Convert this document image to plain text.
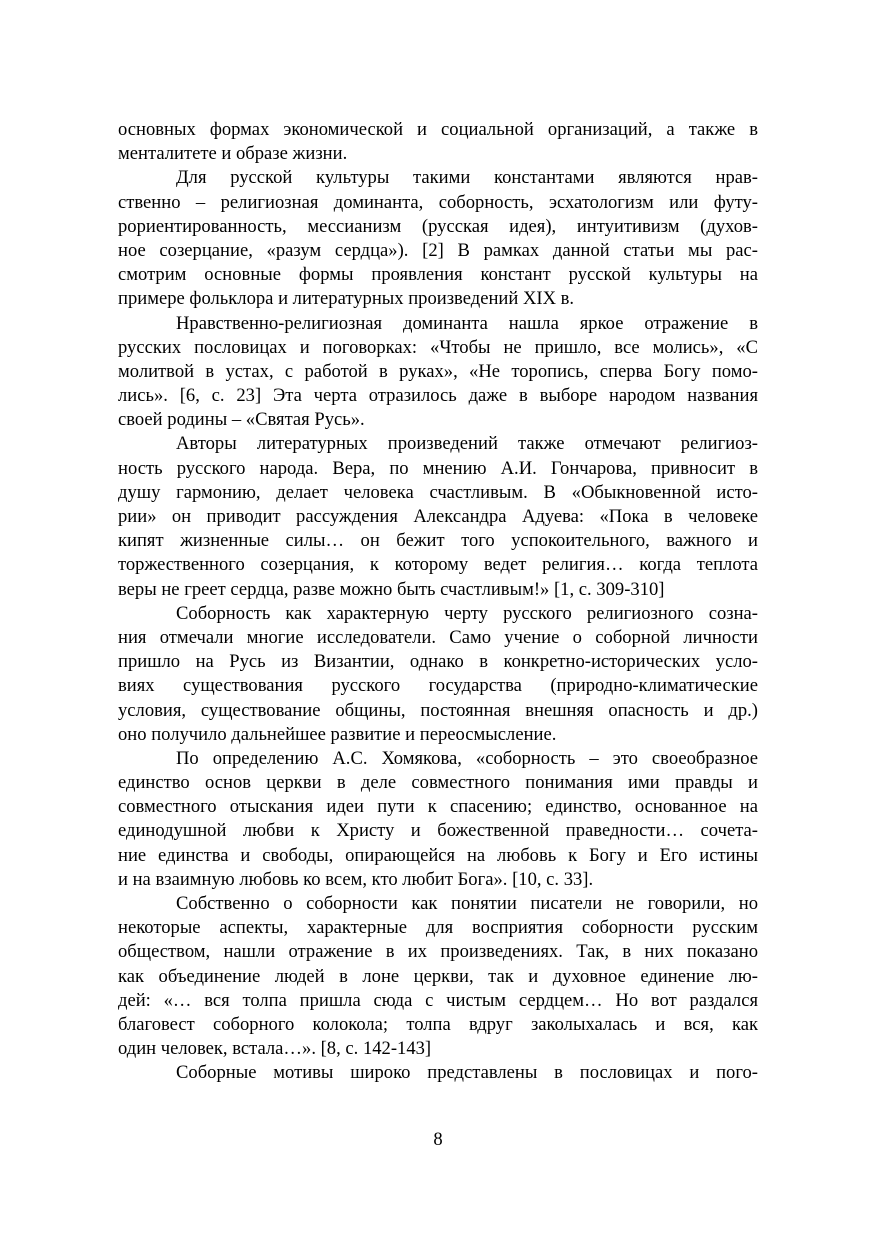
основных формах экономической и социальной организаций, а также в
менталитете и образе жизни.

Для русской культуры такими константами являются нрав-
ственно – религиозная доминанта, соборность, эсхатологизм или футу-
рориентированность, мессианизм (русская идея), интуитивизм (духов-
ное созерцание, «разум сердца»). [2] В рамках данной статьи мы рас-
смотрим основные формы проявления констант русской культуры на
примере фольклора и литературных произведений XIX в.

Нравственно-религиозная доминанта нашла яркое отражение в
русских пословицах и поговорках: «Чтобы не пришло, все молись», «С
молитвой в устах, с работой в руках», «Не торопись, сперва Богу помо-
лись». [6, с. 23] Эта черта отразилось даже в выборе народом названия
своей родины – «Святая Русь».

Авторы литературных произведений также отмечают религиоз-
ность русского народа. Вера, по мнению А.И. Гончарова, привносит в
душу гармонию, делает человека счастливым. В «Обыкновенной исто-
рии» он приводит рассуждения Александра Адуева: «Пока в человеке
кипят жизненные силы… он бежит того успокоительного, важного и
торжественного созерцания, к которому ведет религия… когда теплота
веры не греет сердца, разве можно быть счастливым!» [1, с. 309-310]

Соборность как характерную черту русского религиозного созна-
ния отмечали многие исследователи. Само учение о соборной личности
пришло на Русь из Византии, однако в конкретно-исторических усло-
виях существования русского государства (природно-климатические
условия, существование общины, постоянная внешняя опасность и др.)
оно получило дальнейшее развитие и переосмысление.

По определению А.С. Хомякова, «соборность – это своеобразное
единство основ церкви в деле совместного понимания ими правды и
совместного отыскания идеи пути к спасению; единство, основанное на
единодушной любви к Христу и божественной праведности… сочета-
ние единства и свободы, опирающейся на любовь к Богу и Его истины
и на взаимную любовь ко всем, кто любит Бога». [10, с. 33].

Собственно о соборности как понятии писатели не говорили, но
некоторые аспекты, характерные для восприятия соборности русским
обществом, нашли отражение в их произведениях. Так, в них показано
как объединение людей в лоне церкви, так и духовное единение лю-
дей: «… вся толпа пришла сюда с чистым сердцем… Но вот раздался
благовест соборного колокола; толпа вдруг заколыхалась и вся, как
один человек, встала…». [8, с. 142-143]

Соборные мотивы широко представлены в пословицах и пого-

8
